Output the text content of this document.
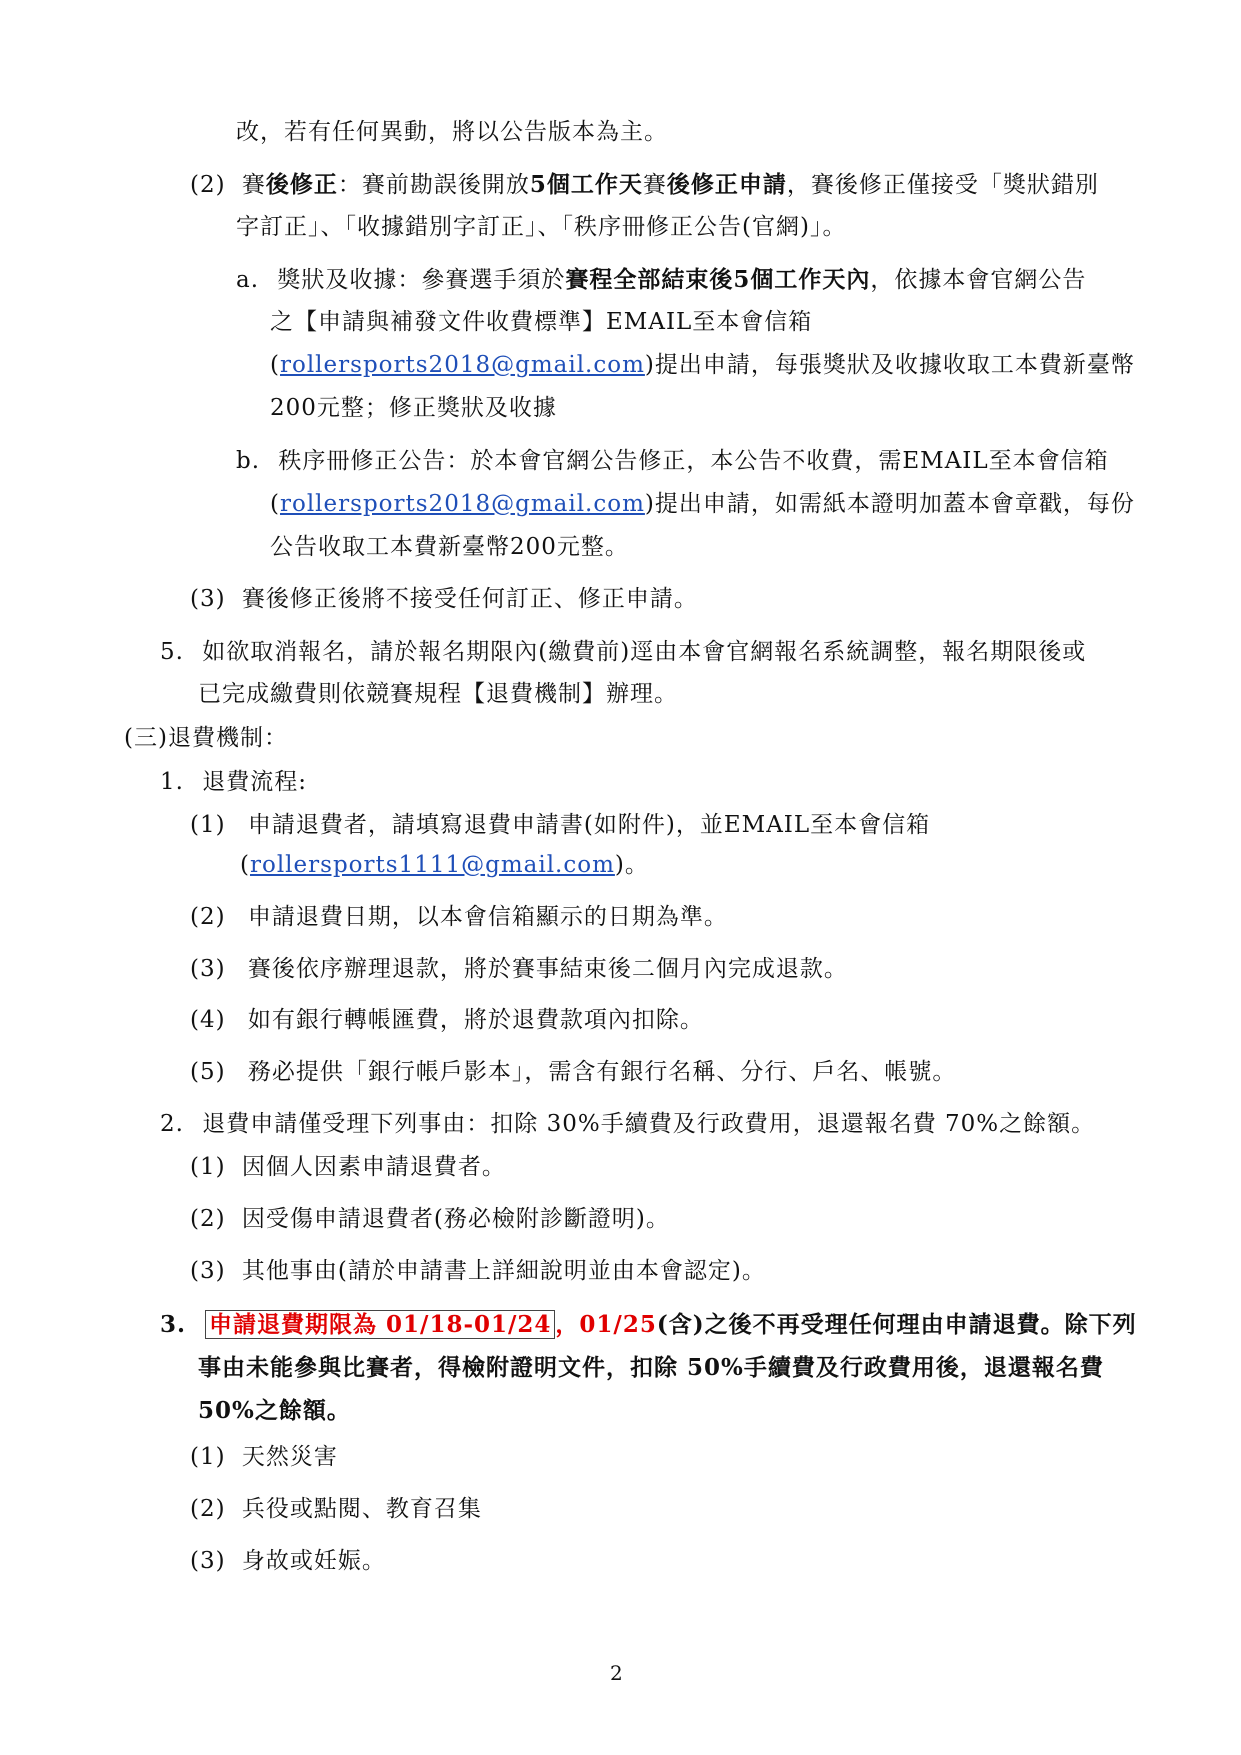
改，若有任何異動，將以公告版本為主。
(2) 賽後修正：賽前勘誤後開放5個工作天賽後修正申請，賽後修正僅接受「獎狀錯別
字訂正」、「收據錯別字訂正」、「秩序冊修正公告(官網)」。
a. 獎狀及收據：參賽選手須於賽程全部結束後5個工作天內，依據本會官網公告
之【申請與補發文件收費標準】EMAIL至本會信箱
(rollersports2018@gmail.com)提出申請，每張獎狀及收據收取工本費新臺幣
200元整；修正獎狀及收據
b. 秩序冊修正公告：於本會官網公告修正，本公告不收費，需EMAIL至本會信箱
(rollersports2018@gmail.com)提出申請，如需紙本證明加蓋本會章戳，每份
公告收取工本費新臺幣200元整。
(3) 賽後修正後將不接受任何訂正、修正申請。
5. 如欲取消報名，請於報名期限內(繳費前)逕由本會官網報名系統調整，報名期限後或
已完成繳費則依競賽規程【退費機制】辦理。
(三)退費機制：
1. 退費流程:
(1) 申請退費者，請填寫退費申請書(如附件)，並EMAIL至本會信箱
(rollersports1111@gmail.com)。
(2) 申請退費日期，以本會信箱顯示的日期為準。
(3) 賽後依序辦理退款，將於賽事結束後二個月內完成退款。
(4) 如有銀行轉帳匯費，將於退費款項內扣除。
(5) 務必提供「銀行帳戶影本」，需含有銀行名稱、分行、戶名、帳號。
2. 退費申請僅受理下列事由：扣除 30%手續費及行政費用，退還報名費 70%之餘額。
(1) 因個人因素申請退費者。
(2) 因受傷申請退費者(務必檢附診斷證明)。
(3) 其他事由(請於申請書上詳細說明並由本會認定)。
3. 申請退費期限為 01/18-01/24 ，01/25(含)之後不再受理任何理由申請退費。除下列
事由未能參與比賽者，得檢附證明文件，扣除 50%手續費及行政費用後，退還報名費
50%之餘額。
(1) 天然災害
(2) 兵役或點閱、教育召集
(3) 身故或妊娠。
2
